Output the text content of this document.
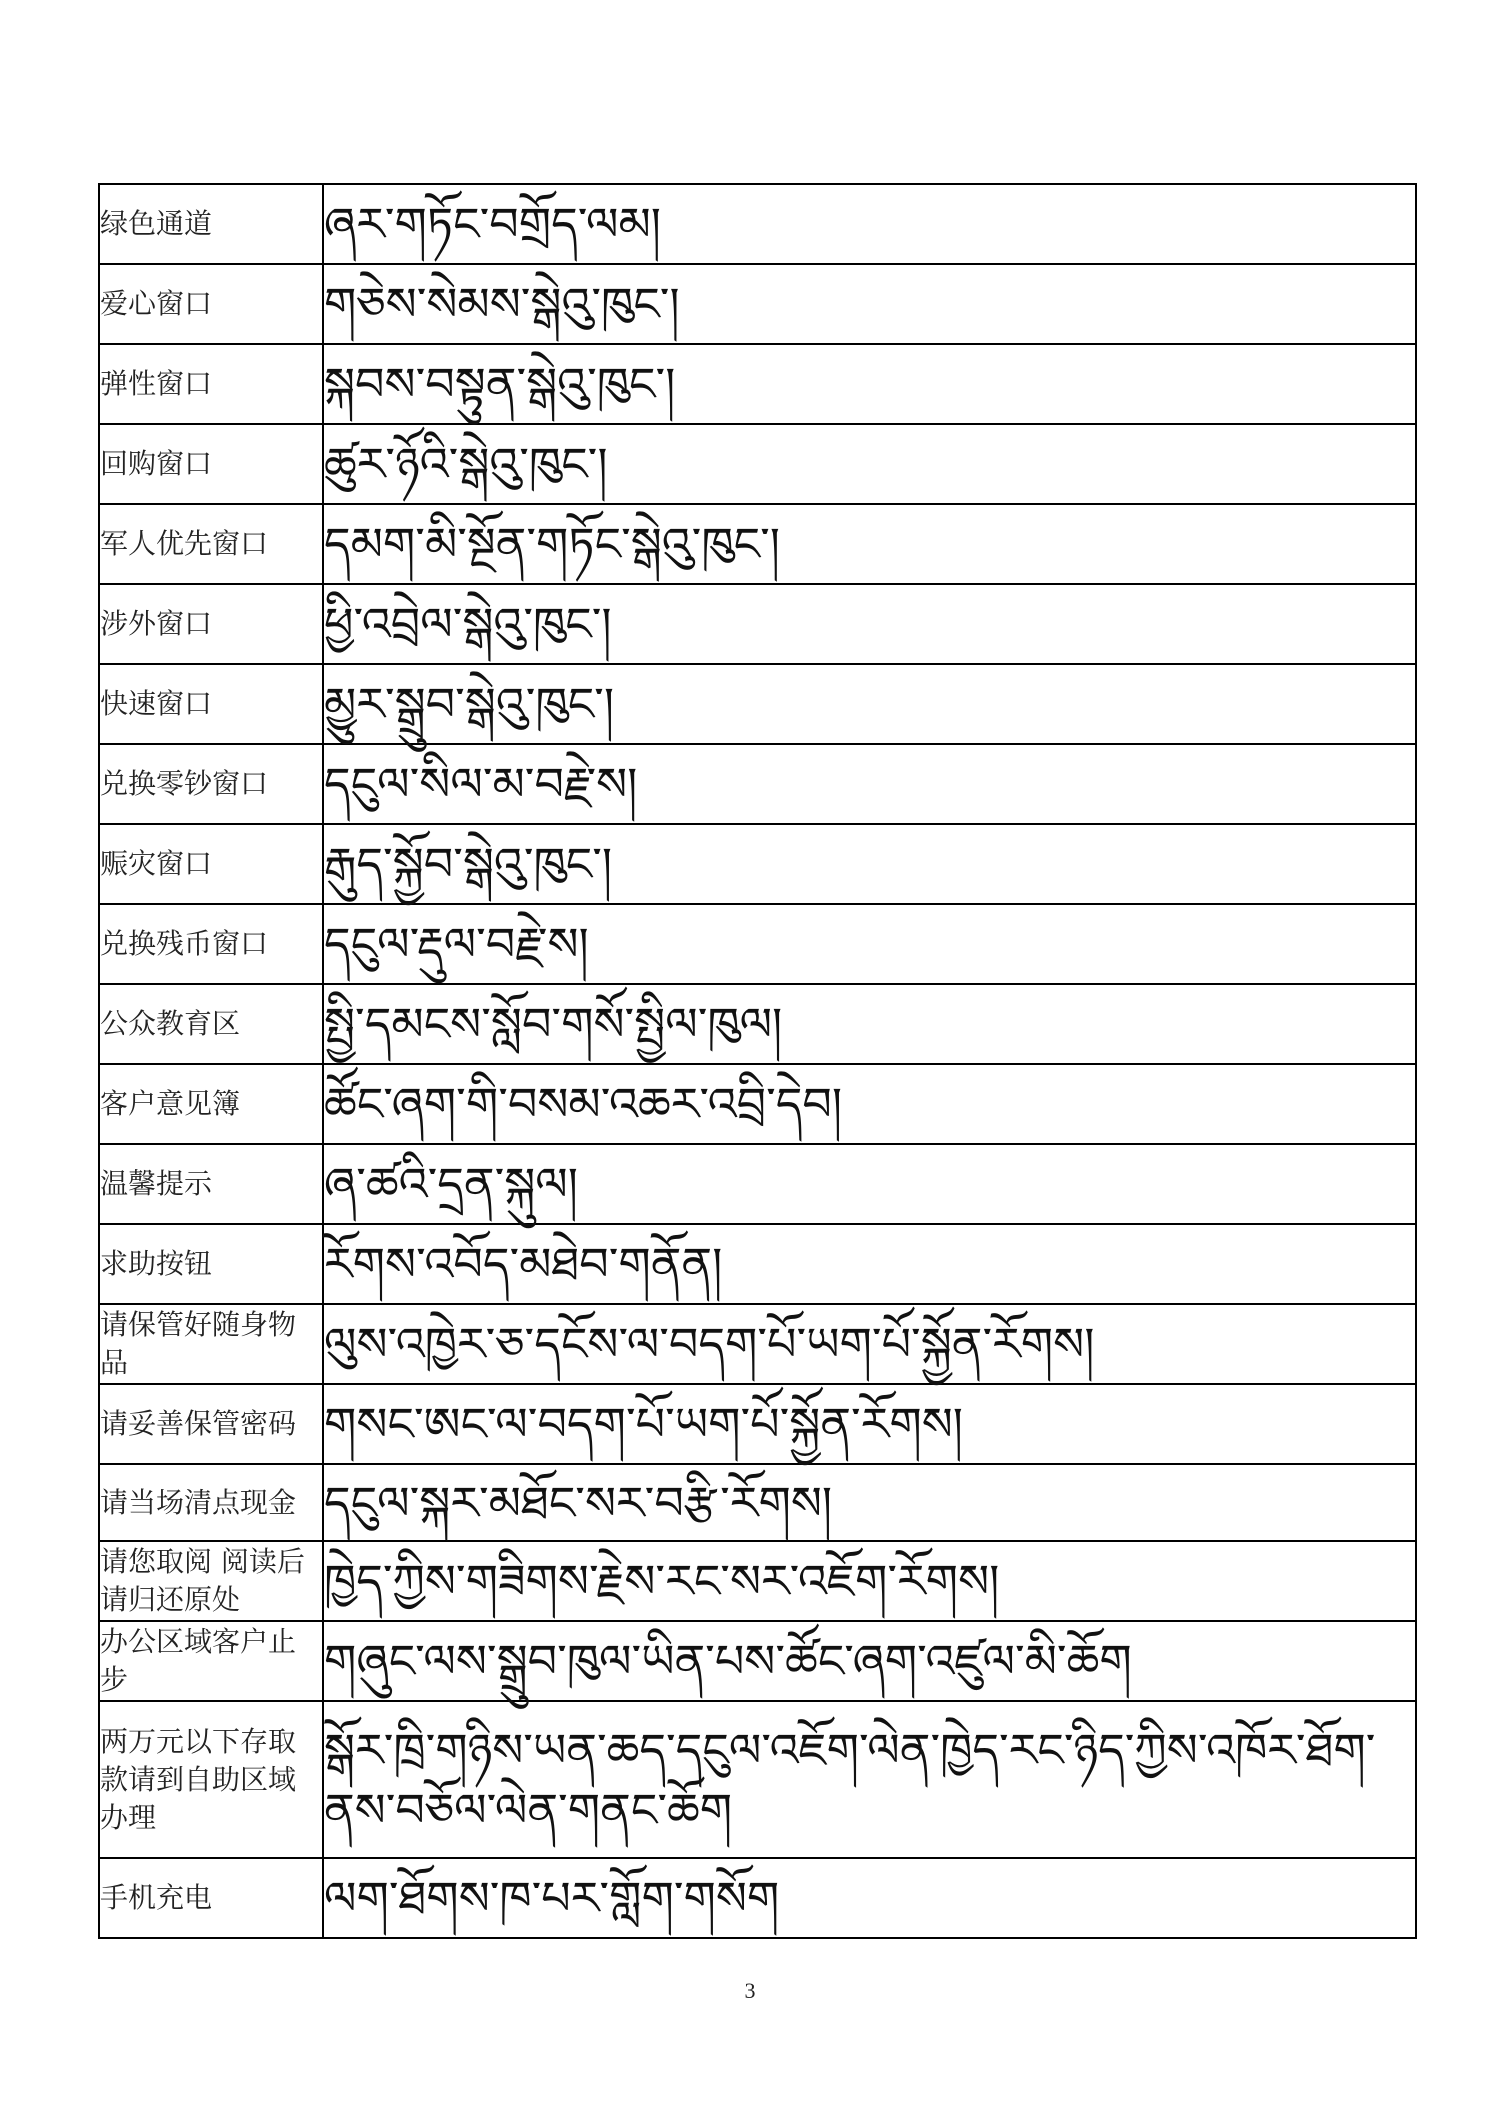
绿色通道	ཞར་གཏོང་བགྲོད་ལམ།
爱心窗口	གཅེས་སེམས་སྒེའུ་ཁུང་།
弹性窗口	སྐབས་བསྟུན་སྒེའུ་ཁུང་།
回购窗口	ཚུར་ཉོའི་སྒེའུ་ཁུང་།
军人优先窗口	དམག་མི་སྔོན་གཏོང་སྒེའུ་ཁུང་།
涉外窗口	ཕྱི་འབྲེལ་སྒེའུ་ཁུང་།
快速窗口	མྱུར་སྒྲུབ་སྒེའུ་ཁུང་།
兑换零钞窗口	དངུལ་སིལ་མ་བརྗེ་ས།
赈灾窗口	རྒུད་སྐྱོབ་སྒེའུ་ཁུང་།
兑换残币窗口	དངུལ་རྡུལ་བརྗེ་ས།
公众教育区	སྤྱི་དམངས་སློབ་གསོ་སྤྱིལ་ཁུལ།
客户意见簿	ཚོང་ཞག་གི་བསམ་འཆར་འབྲི་དེབ།
温馨提示	ཞ་ཚའི་དྲན་སྐུལ།
求助按钮	རོགས་འབོད་མཐེབ་གནོན།
请保管好随身物品	ལུས་འཁྱེར་ཅ་དངོས་ལ་བདག་པོ་ཡག་པོ་སྐྱོན་རོགས།
请妥善保管密码	གསང་ཨང་ལ་བདག་པོ་ཡག་པོ་སྐྱོན་རོགས།
请当场清点现金	དངུལ་སྐར་མཐོང་སར་བརྩི་རོགས།
请您取阅 阅读后请归还原处	ཁྱེད་ཀྱིས་གཟིགས་རྗེས་རང་སར་འཇོག་རོགས།
办公区域客户止步	གཞུང་ལས་སྒྲུབ་ཁུལ་ཡིན་པས་ཚོང་ཞག་འཛུལ་མི་ཆོག
两万元以下存取款请到自助区域办理	སྒོར་ཁྲི་གཉིས་ཡན་ཆད་དངུལ་འཇོག་ལེན་ཁྱེད་རང་ཉིད་ཀྱིས་འཁོར་ཐོག་ནས་བཅོལ་ལེན་གནང་ཆོག
手机充电	ལག་ཐོགས་ཁ་པར་གློག་གསོག
3
